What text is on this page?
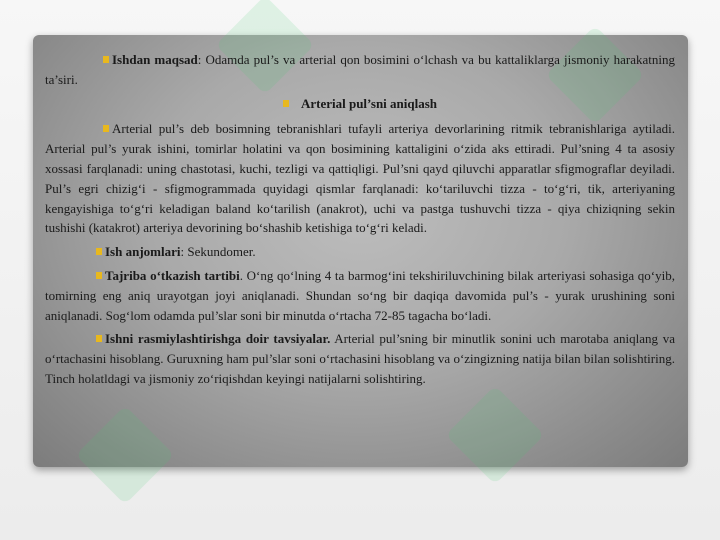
Ishdan maqsad: Odamda pul’s va arterial qon bosimini o‘lchash va bu kattaliklarga jismoniy harakatning ta’siri.

Arterial pul’sni aniqlash

Arterial pul’s deb bosimning tebranishlari tufayli arteriya devorlarining ritmik tebranishlariga aytiladi. Arterial pul’s yurak ishini, tomirlar holatini va qon bosimining kattaligini o‘zida aks ettiradi. Pul’sning 4 ta asosiy xossasi farqlanadi: uning chastotasi, kuchi, tezligi va qattiqligi. Pul’sni qayd qiluvchi apparatlar sfigmograflar deyiladi. Pul’s egri chizig‘i - sfigmogrammada quyidagi qismlar farqlanadi: ko‘tariluvchi tizza - to‘g‘ri, tik, arteriyaning kengayishiga to‘g‘ri keladigan baland ko‘tarilish (anakrot), uchi va pastga tushuvchi tizza - qiya chiziqning sekin tushishi (katakrot) arteriya devorining bo‘shashib ketishiga to‘g‘ri keladi.

Ish anjomlari: Sekundomer.

Tajriba o‘tkazish tartibi. O‘ng qo‘lning 4 ta barmog‘ini tekshiriluvchining bilak arteriyasi sohasiga qo‘yib, tomirning eng aniq urayotgan joyi aniqlanadi. Shundan so‘ng bir daqiqa davomida pul’s - yurak urushining soni aniqlanadi. Sog‘lom odamda pul’slar soni bir minutda o‘rtacha 72-85 tagacha bo‘ladi.

Ishni rasmiylashtirishga doir tavsiyalar. Arterial pul’sning bir minutlik sonini uch marotaba aniqlang va o‘rtachasini hisoblang. Guruxning ham pul’slar soni o‘rtachasini hisoblang va o‘zingizning natija bilan bilan solishtiring. Tinch holatldagi va jismoniy zo‘riqishdan keyingi natijalarni solishtiring.
